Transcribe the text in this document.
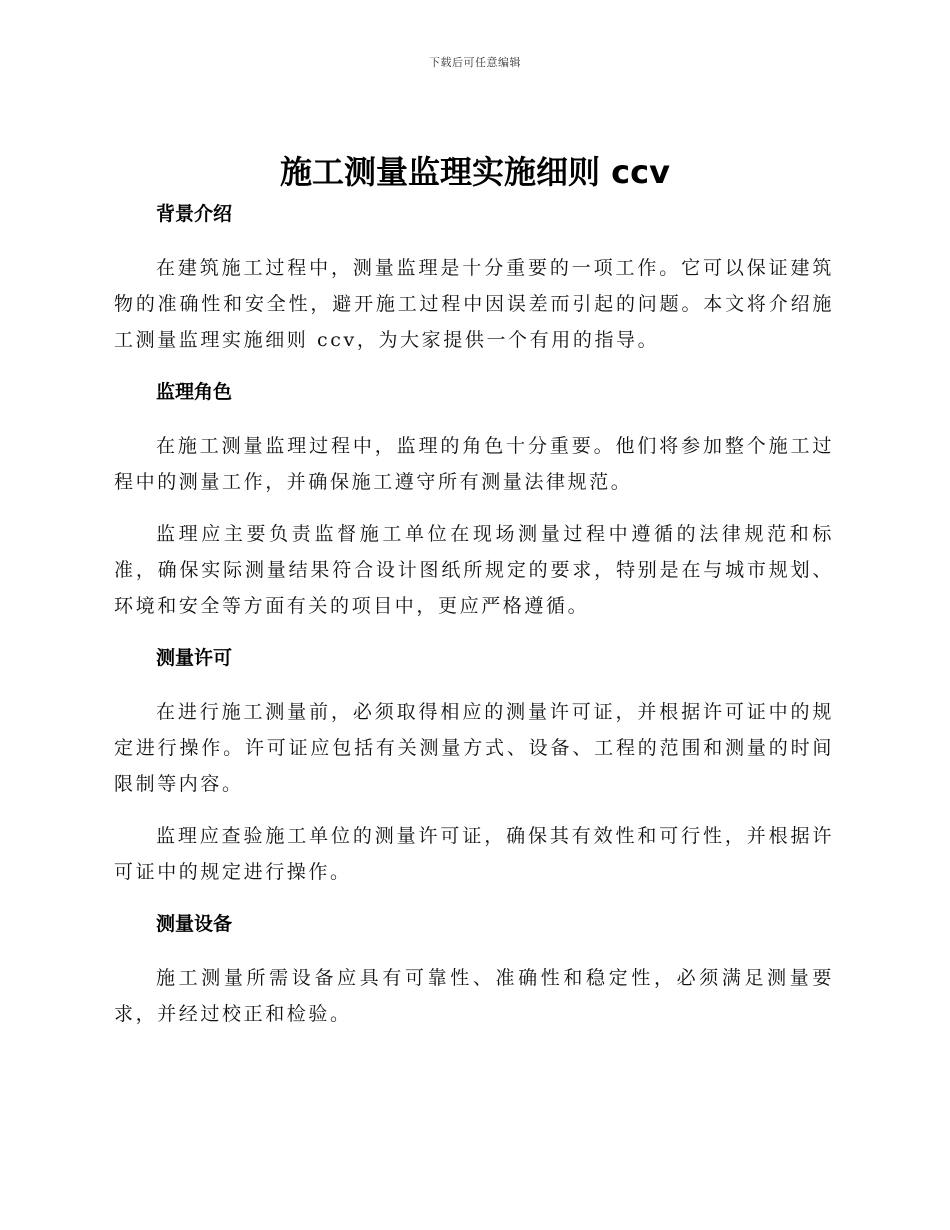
下载后可任意编辑
施工测量监理实施细则 ccv
背景介绍

在建筑施工过程中，测量监理是十分重要的一项工作。它可以保证建筑物的准确性和安全性，避开施工过程中因误差而引起的问题。本文将介绍施工测量监理实施细则 ccv，为大家提供一个有用的指导。

监理角色

在施工测量监理过程中，监理的角色十分重要。他们将参加整个施工过程中的测量工作，并确保施工遵守所有测量法律规范。

监理应主要负责监督施工单位在现场测量过程中遵循的法律规范和标准，确保实际测量结果符合设计图纸所规定的要求，特别是在与城市规划、环境和安全等方面有关的项目中，更应严格遵循。

测量许可

在进行施工测量前，必须取得相应的测量许可证，并根据许可证中的规定进行操作。许可证应包括有关测量方式、设备、工程的范围和测量的时间限制等内容。

监理应查验施工单位的测量许可证，确保其有效性和可行性，并根据许可证中的规定进行操作。

测量设备

施工测量所需设备应具有可靠性、准确性和稳定性，必须满足测量要求，并经过校正和检验。
